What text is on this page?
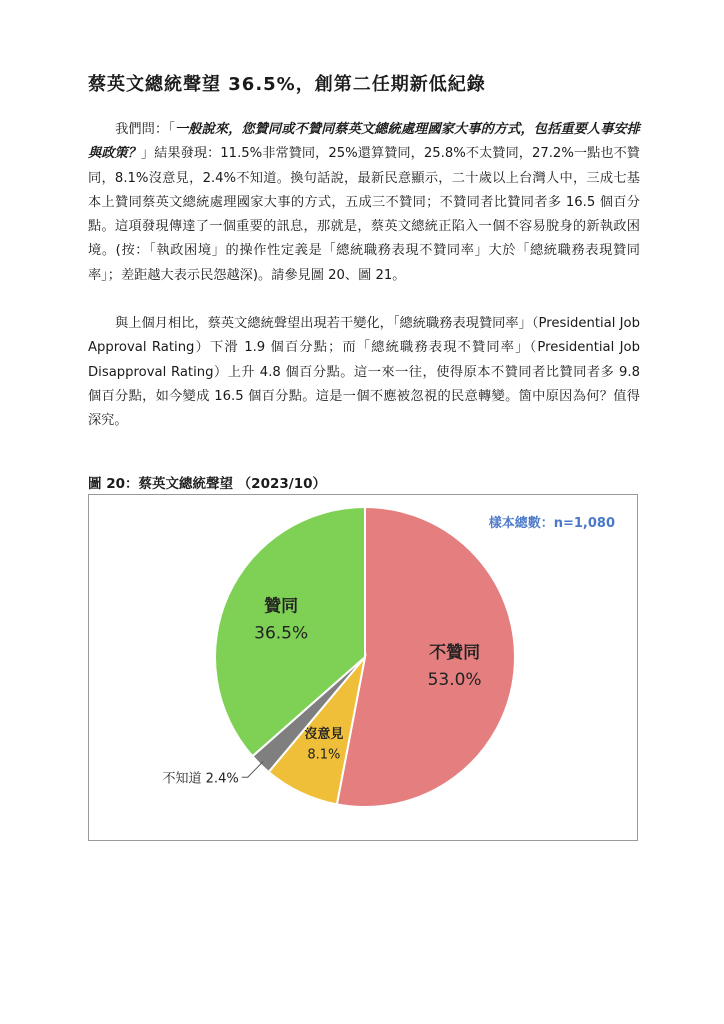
蔡英文總統聲望 36.5%，創第二任期新低紀錄

我們問：「一般說來，您贊同或不贊同蔡英文總統處理國家大事的方式，包括重要人事安排與政策？」結果發現：11.5%非常贊同，25%還算贊同，25.8%不太贊同，27.2%一點也不贊同，8.1%沒意見，2.4%不知道。換句話說，最新民意顯示，二十歲以上台灣人中，三成七基本上贊同蔡英文總統處理國家大事的方式，五成三不贊同；不贊同者比贊同者多 16.5 個百分點。這項發現傳達了一個重要的訊息，那就是，蔡英文總統正陷入一個不容易脫身的新執政困境。(按：「執政困境」的操作性定義是「總統職務表現不贊同率」大於「總統職務表現贊同率」；差距越大表示民怨越深)。請參見圖 20、圖 21。

與上個月相比，蔡英文總統聲望出現若干變化，「總統職務表現贊同率」（Presidential Job Approval Rating）下滑 1.9 個百分點；而「總統職務表現不贊同率」（Presidential Job Disapproval Rating）上升 4.8 個百分點。這一來一往，使得原本不贊同者比贊同者多 9.8 個百分點，如今變成 16.5 個百分點。這是一個不應被忽視的民意轉變。箇中原因為何？值得深究。

圖 20：蔡英文總統聲望 （2023/10）
不贊同
53.0%
沒意見
8.1%
不知道 2.4%
贊同
36.5%
樣本總數：n=1,080
